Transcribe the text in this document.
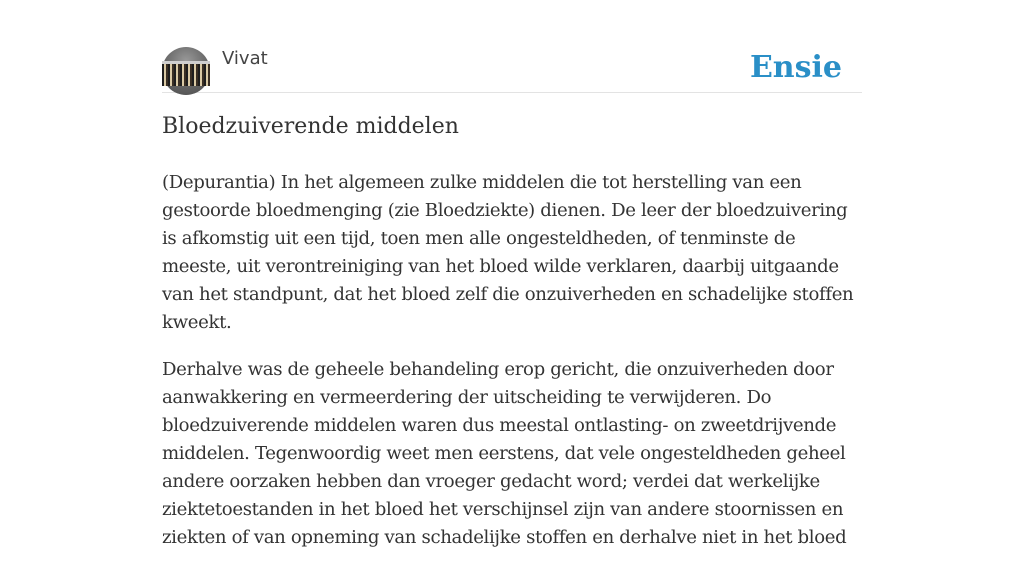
Vivat	Ensie
Bloedzuiverende middelen

(Depurantia) In het algemeen zulke middelen die tot herstelling van een gestoorde bloedmenging (zie Bloedziekte) dienen. De leer der bloedzuivering is afkomstig uit een tijd, toen men alle ongesteldheden, of tenminste de meeste, uit verontreiniging van het bloed wilde verklaren, daarbij uitgaande van het standpunt, dat het bloed zelf die onzuiverheden en schadelijke stoffen kweekt.

Derhalve was de geheele behandeling erop gericht, die onzuiverheden door aanwakkering en vermeerdering der uitscheiding te verwijderen. Do bloedzuiverende middelen waren dus meestal ontlasting- on zweetdrijvende middelen. Tegenwoordig weet men eerstens, dat vele ongesteldheden geheel andere oorzaken hebben dan vroeger gedacht word; verdei dat werkelijke ziektetoestanden in het bloed het verschijnsel zijn van andere stoornissen en ziekten of van opneming van schadelijke stoffen en derhalve niet in het bloed
